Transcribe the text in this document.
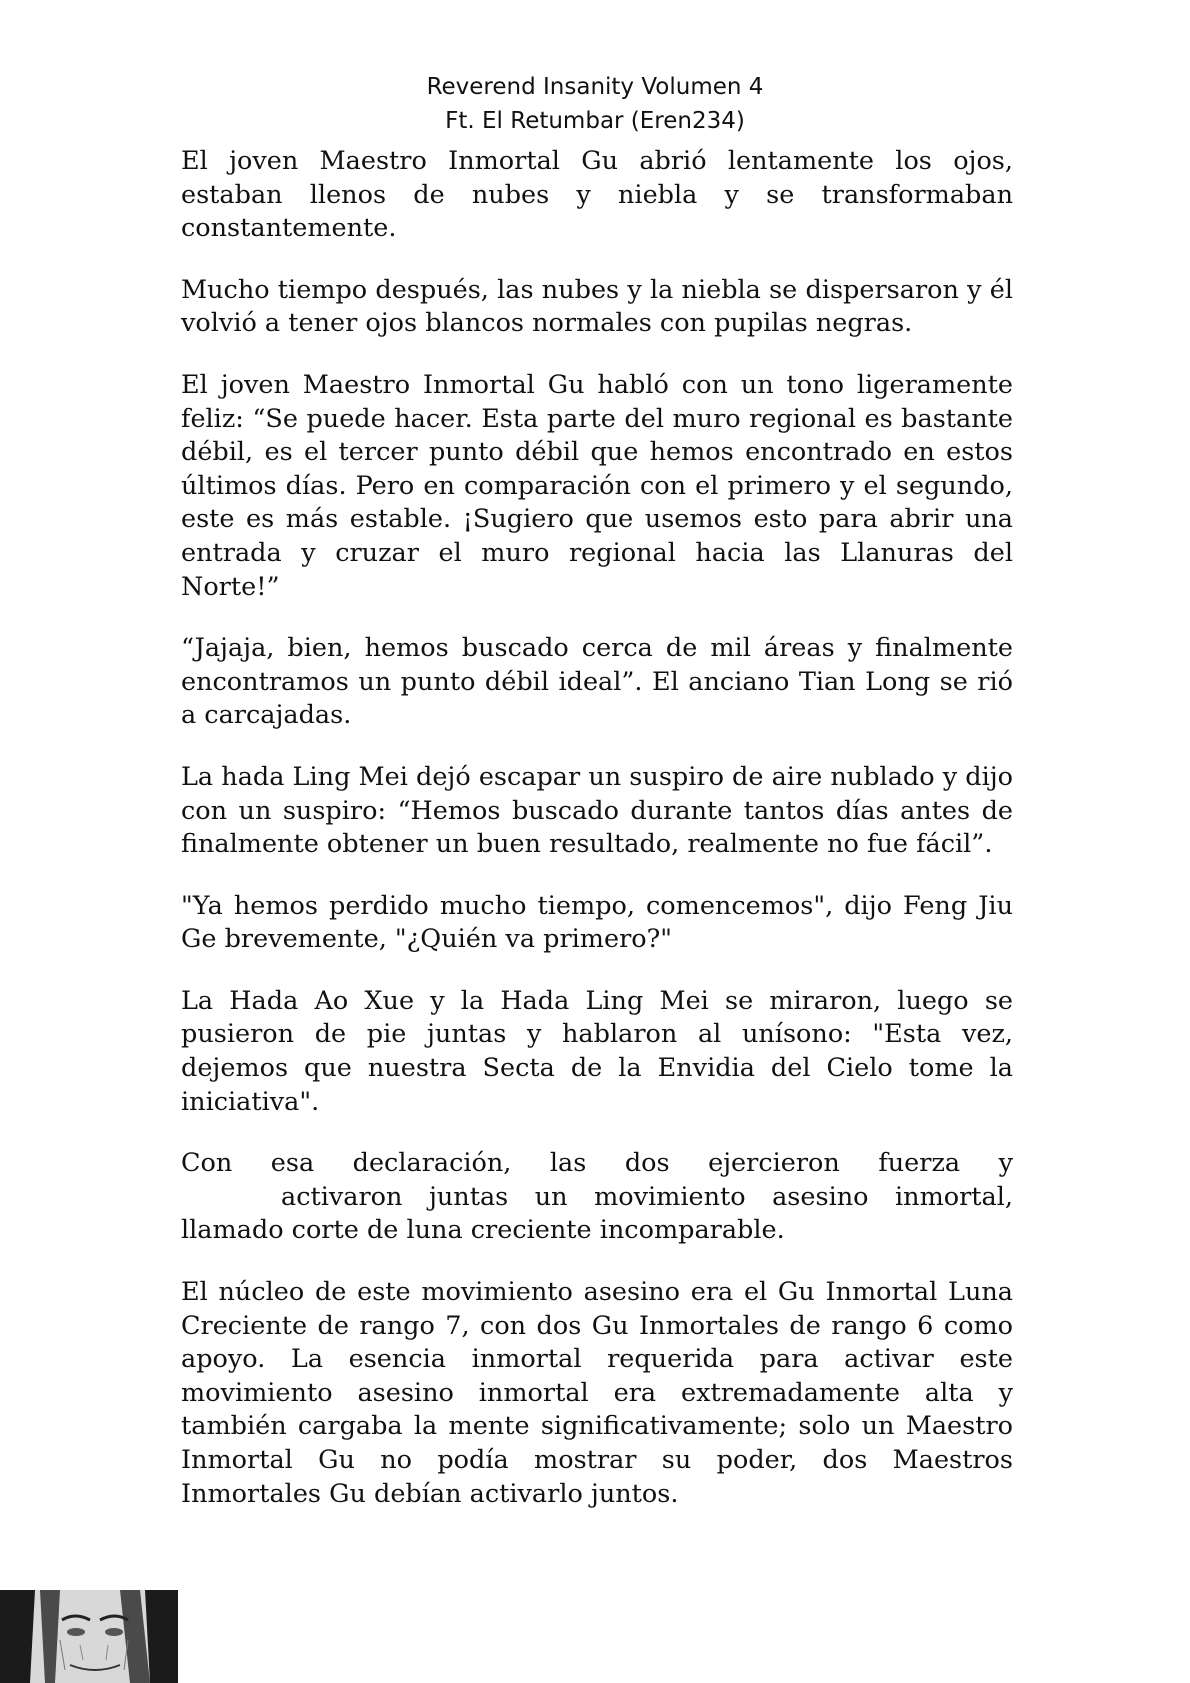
Reverend Insanity Volumen 4
Ft. El Retumbar (Eren234)

El joven Maestro Inmortal Gu abrió lentamente los ojos, estaban llenos de nubes y niebla y se transformaban constantemente.

Mucho tiempo después, las nubes y la niebla se dispersaron y él volvió a tener ojos blancos normales con pupilas negras.

El joven Maestro Inmortal Gu habló con un tono ligeramente feliz: “Se puede hacer. Esta parte del muro regional es bastante débil, es el tercer punto débil que hemos encontrado en estos últimos días. Pero en comparación con el primero y el segundo, este es más estable. ¡Sugiero que usemos esto para abrir una entrada y cruzar el muro regional hacia las Llanuras del Norte!”

“Jajaja, bien, hemos buscado cerca de mil áreas y finalmente encontramos un punto débil ideal”. El anciano Tian Long se rió a carcajadas.

La hada Ling Mei dejó escapar un suspiro de aire nublado y dijo con un suspiro: “Hemos buscado durante tantos días antes de finalmente obtener un buen resultado, realmente no fue fácil”.

"Ya hemos perdido mucho tiempo, comencemos", dijo Feng Jiu Ge brevemente, "¿Quién va primero?"

La Hada Ao Xue y la Hada Ling Mei se miraron, luego se pusieron de pie juntas y hablaron al unísono: "Esta vez, dejemos que nuestra Secta de la Envidia del Cielo tome la iniciativa".

Con esa declaración, las dos ejercieron fuerza y
activaron juntas un movimiento asesino inmortal, llamado corte de luna creciente incomparable.

El núcleo de este movimiento asesino era el Gu Inmortal Luna Creciente de rango 7, con dos Gu Inmortales de rango 6 como apoyo. La esencia inmortal requerida para activar este movimiento asesino inmortal era extremadamente alta y también cargaba la mente significativamente; solo un Maestro Inmortal Gu no podía mostrar su poder, dos Maestros Inmortales Gu debían activarlo juntos.
